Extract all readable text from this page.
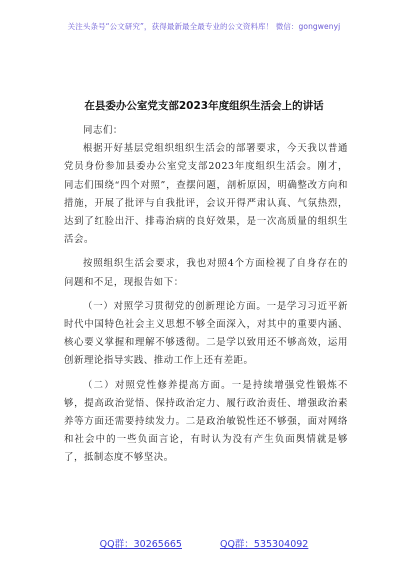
关注头条号“公文研究”，获得最新最全最专业的公文资料库！ 微信：gongwenyj
在县委办公室党支部2023年度组织生活会上的讲话

同志们：

根据开好基层党组织组织生活会的部署要求，今天我以普通党员身份参加县委办公室党支部2023年度组织生活会。刚才，同志们围绕“四个对照”，查摆问题，剖析原因，明确整改方向和措施，开展了批评与自我批评，会议开得严肃认真、气氛热烈，达到了红脸出汗、排毒治病的良好效果，是一次高质量的组织生活会。

按照组织生活会要求，我也对照4个方面检视了自身存在的问题和不足，现报告如下：

（一）对照学习贯彻党的创新理论方面。一是学习习近平新时代中国特色社会主义思想不够全面深入，对其中的重要内涵、核心要义掌握和理解不够透彻。二是学以致用还不够高效，运用创新理论指导实践、推动工作上还有差距。

（二）对照党性修养提高方面。一是持续增强党性锻炼不够，提高政治觉悟、保持政治定力、履行政治责任、增强政治素养等方面还需要持续发力。二是政治敏锐性还不够强，面对网络和社会中的一些负面言论，有时认为没有产生负面舆情就是够了，抵制态度不够坚决。

QQ群：30265665	QQ群：535304092
